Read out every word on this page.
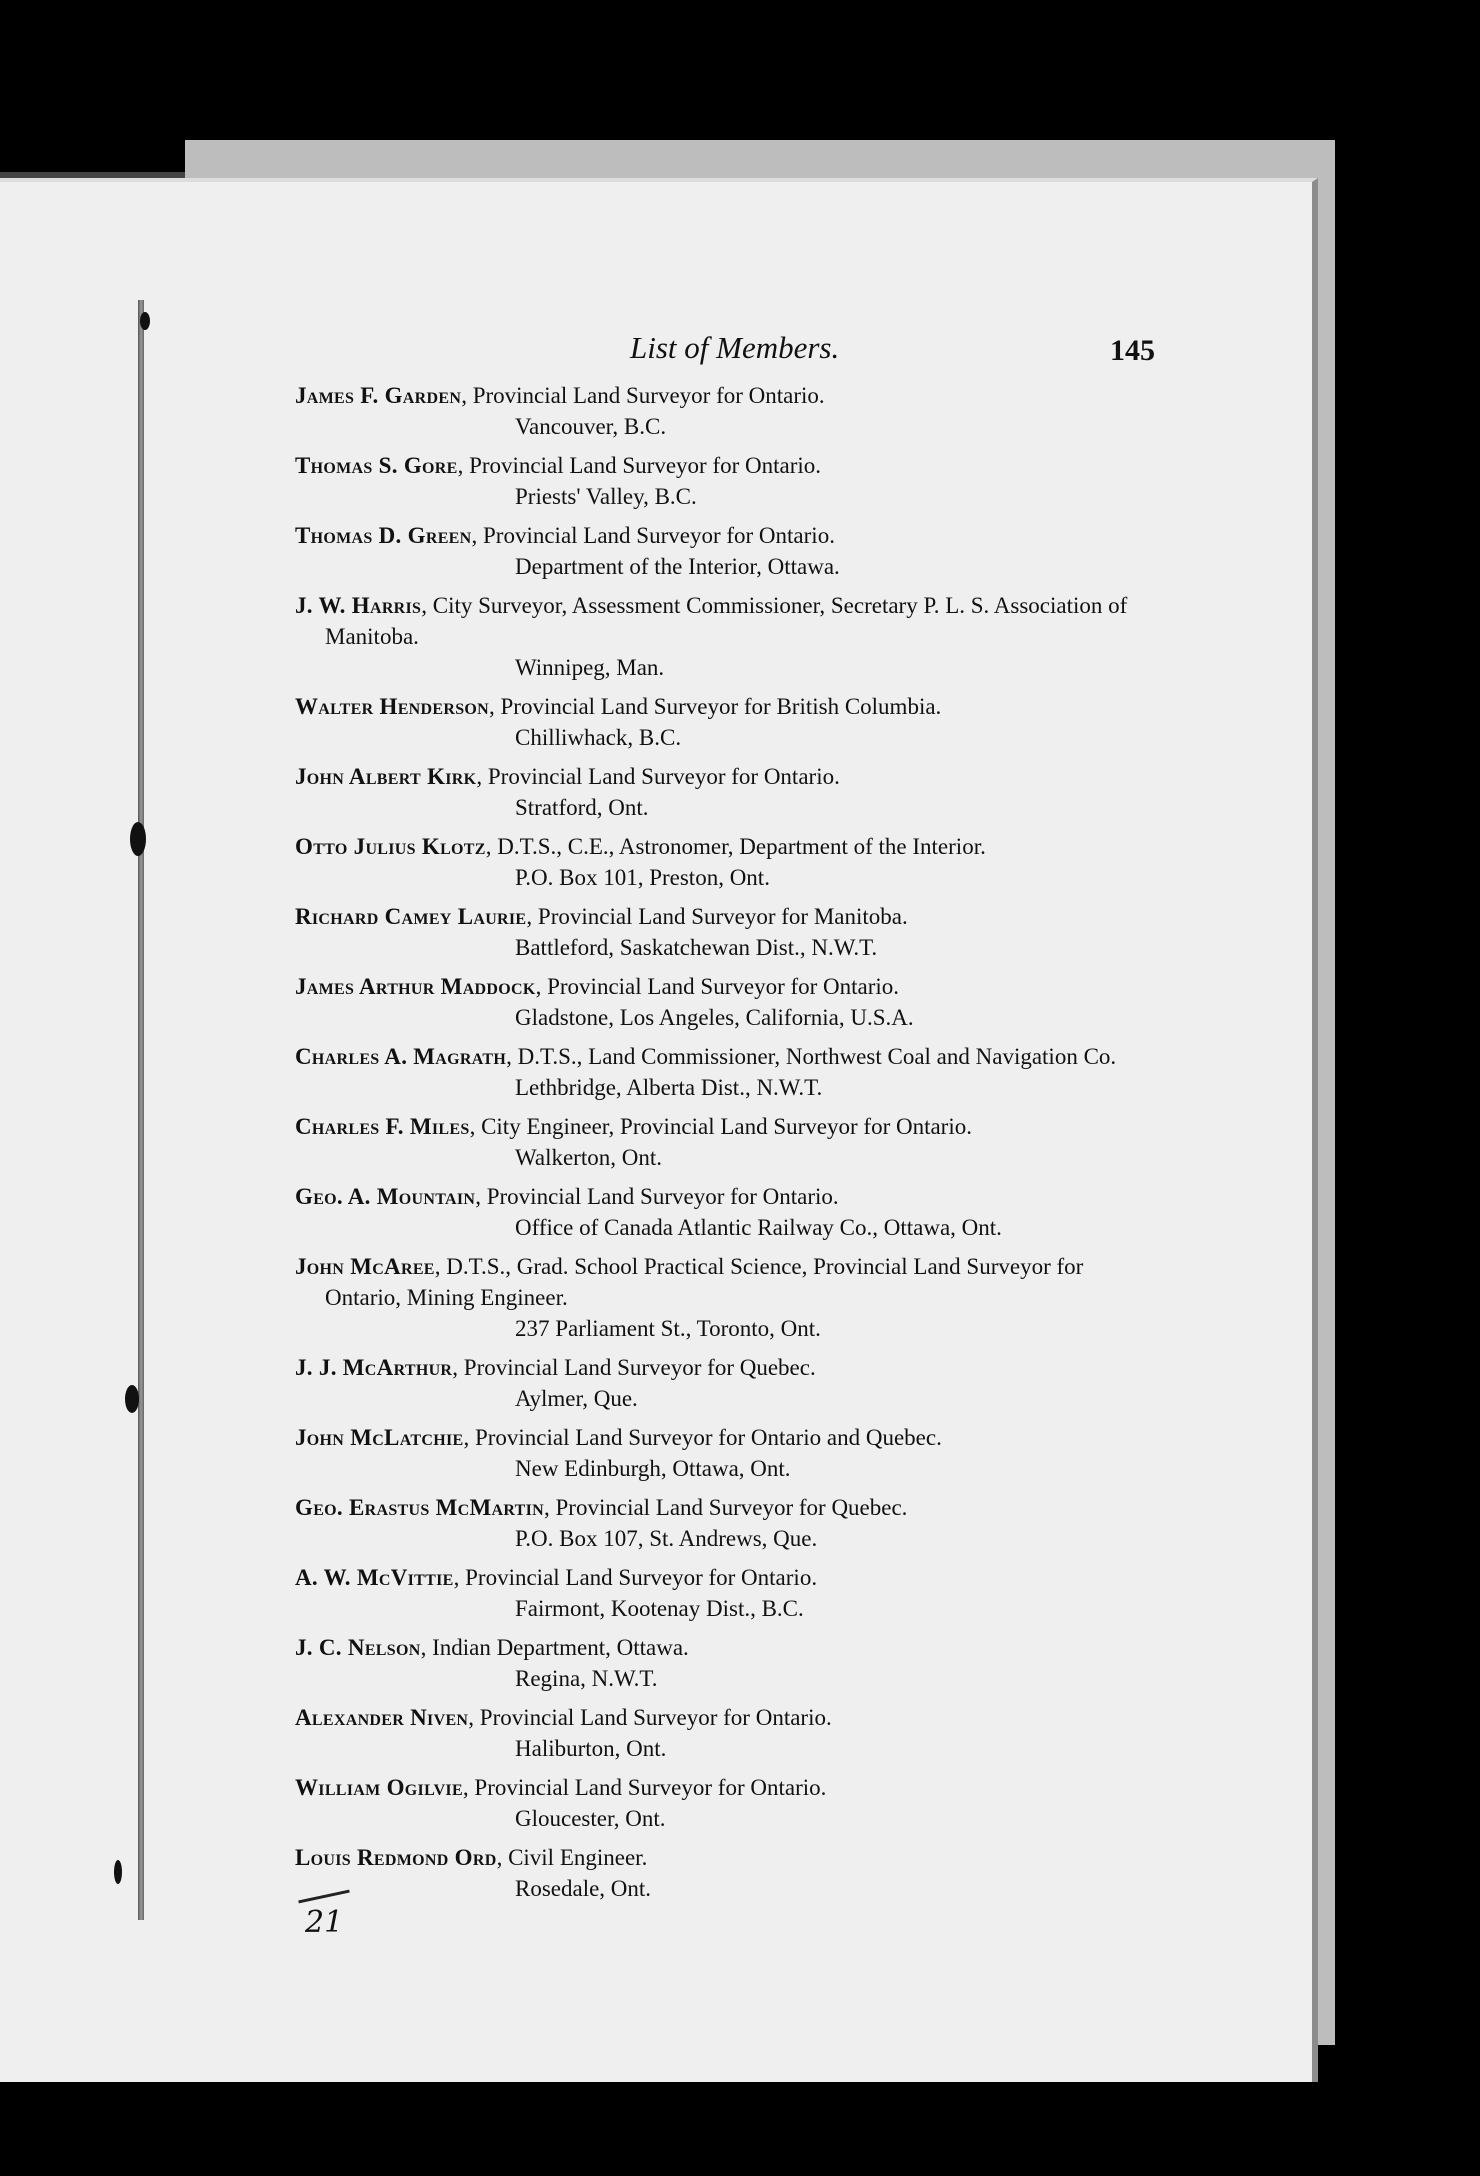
List of Members.	145
James F. Garden, Provincial Land Surveyor for Ontario.
Vancouver, B.C.
Thomas S. Gore, Provincial Land Surveyor for Ontario.
Priests' Valley, B.C.
Thomas D. Green, Provincial Land Surveyor for Ontario.
Department of the Interior, Ottawa.
J. W. Harris, City Surveyor, Assessment Commissioner, Secretary P. L. S. Association of Manitoba.
Winnipeg, Man.
Walter Henderson, Provincial Land Surveyor for British Columbia.
Chilliwhack, B.C.
John Albert Kirk, Provincial Land Surveyor for Ontario.
Stratford, Ont.
Otto Julius Klotz, D.T.S., C.E., Astronomer, Department of the Interior.
P.O. Box 101, Preston, Ont.
Richard Camey Laurie, Provincial Land Surveyor for Manitoba.
Battleford, Saskatchewan Dist., N.W.T.
James Arthur Maddock, Provincial Land Surveyor for Ontario.
Gladstone, Los Angeles, California, U.S.A.
Charles A. Magrath, D.T.S., Land Commissioner, Northwest Coal and Navigation Co.
Lethbridge, Alberta Dist., N.W.T.
Charles F. Miles, City Engineer, Provincial Land Surveyor for Ontario.
Walkerton, Ont.
Geo. A. Mountain, Provincial Land Surveyor for Ontario.
Office of Canada Atlantic Railway Co., Ottawa, Ont.
John McAree, D.T.S., Grad. School Practical Science, Provincial Land Surveyor for Ontario, Mining Engineer.
237 Parliament St., Toronto, Ont.
J. J. McArthur, Provincial Land Surveyor for Quebec.
Aylmer, Que.
John McLatchie, Provincial Land Surveyor for Ontario and Quebec.
New Edinburgh, Ottawa, Ont.
Geo. Erastus McMartin, Provincial Land Surveyor for Quebec.
P.O. Box 107, St. Andrews, Que.
A. W. McVittie, Provincial Land Surveyor for Ontario.
Fairmont, Kootenay Dist., B.C.
J. C. Nelson, Indian Department, Ottawa.
Regina, N.W.T.
Alexander Niven, Provincial Land Surveyor for Ontario.
Haliburton, Ont.
William Ogilvie, Provincial Land Surveyor for Ontario.
Gloucester, Ont.
Louis Redmond Ord, Civil Engineer.
Rosedale, Ont.
21
